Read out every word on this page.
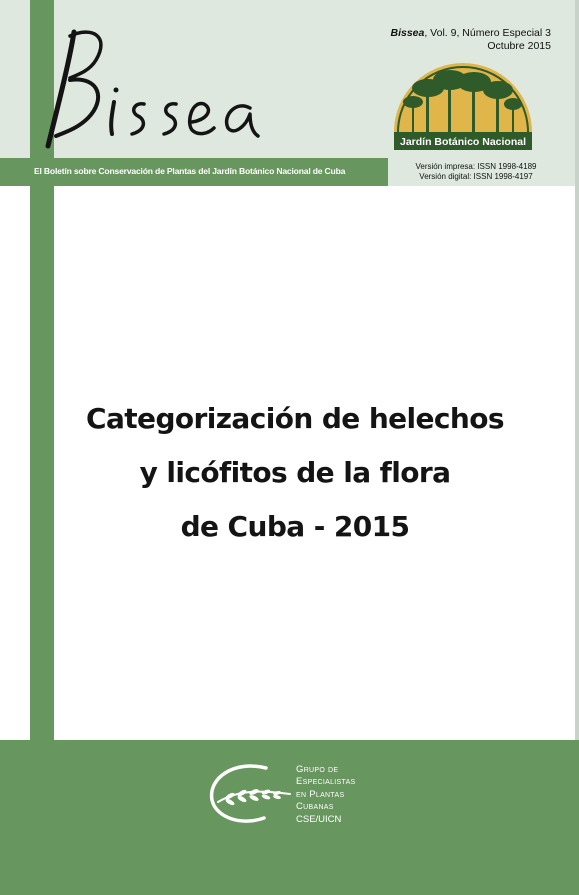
El Boletín sobre Conservación de Plantas del Jardín Botánico Nacional de Cuba
Bissea, Vol. 9, Número Especial 3
Octubre 2015
Jardín Botánico Nacional
Versión impresa: ISSN 1998-4189
Versión digital: ISSN 1998-4197
Categorización de helechos
y licófitos de la flora
de Cuba - 2015
Grupo de
Especialistas
en Plantas
Cubanas
CSE/UICN
